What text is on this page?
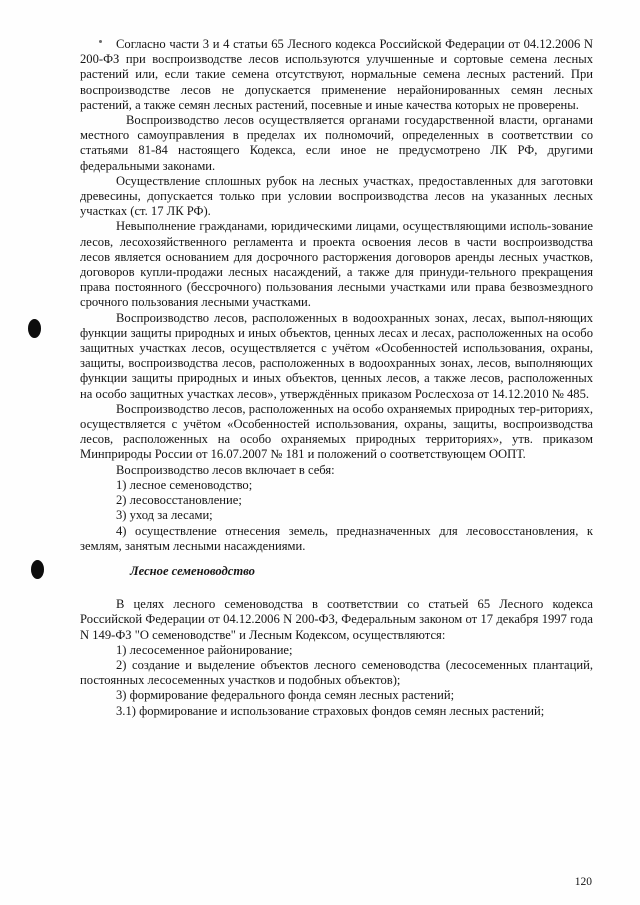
Согласно части 3 и 4 статьи 65 Лесного кодекса Российской Федерации от 04.12.2006 N 200-ФЗ при воспроизводстве лесов используются улучшенные и сортовые семена лесных растений или, если такие семена отсутствуют, нормальные семена лесных растений. При воспроизводстве лесов не допускается применение нерайонированных семян лесных растений, а также семян лесных растений, посевные и иные качества которых не проверены.

Воспроизводство лесов осуществляется органами государственной власти, органами местного самоуправления в пределах их полномочий, определенных в соответствии со статьями 81-84 настоящего Кодекса, если иное не предусмотрено ЛК РФ, другими федеральными законами.

Осуществление сплошных рубок на лесных участках, предоставленных для заготовки древесины, допускается только при условии воспроизводства лесов на указанных лесных участках (ст. 17 ЛК РФ).

Невыполнение гражданами, юридическими лицами, осуществляющими исполь-зование лесов, лесохозяйственного регламента и проекта освоения лесов в части воспроизводства лесов является основанием для досрочного расторжения договоров аренды лесных участков, договоров купли-продажи лесных насаждений, а также для принуди-тельного прекращения права постоянного (бессрочного) пользования лесными участками или права безвозмездного срочного пользования лесными участками.

Воспроизводство лесов, расположенных в водоохранных зонах, лесах, выпол-няющих функции защиты природных и иных объектов, ценных лесах и лесах, расположенных на особо защитных участках лесов, осуществляется с учётом «Особенностей использования, охраны, защиты, воспроизводства лесов, расположенных в водоохранных зонах, лесов, выполняющих функции защиты природных и иных объектов, ценных лесов, а также лесов, расположенных на особо защитных участках лесов», утверждённых приказом Рослесхоза от 14.12.2010 № 485.

Воспроизводство лесов, расположенных на особо охраняемых природных тер-риториях, осуществляется с учётом «Особенностей использования, охраны, защиты, воспроизводства лесов, расположенных на особо охраняемых природных территориях», утв. приказом Минприроды России от 16.07.2007 № 181 и положений о соответствующем ООПТ.

Воспроизводство лесов включает в себя:

1) лесное семеноводство;

2) лесовосстановление;

3) уход за лесами;

4) осуществление отнесения земель, предназначенных для лесовосстановления, к землям, занятым лесными насаждениями.

Лесное семеноводство

В целях лесного семеноводства в соответствии со статьей 65 Лесного кодекса Российской Федерации от 04.12.2006 N 200-ФЗ, Федеральным законом от 17 декабря 1997 года N 149-ФЗ "О семеноводстве" и Лесным Кодексом, осуществляются:

1) лесосеменное районирование;

2) создание и выделение объектов лесного семеноводства (лесосеменных плантаций, постоянных лесосеменных участков и подобных объектов);

3) формирование федерального фонда семян лесных растений;

3.1) формирование и использование страховых фондов семян лесных растений;

120
